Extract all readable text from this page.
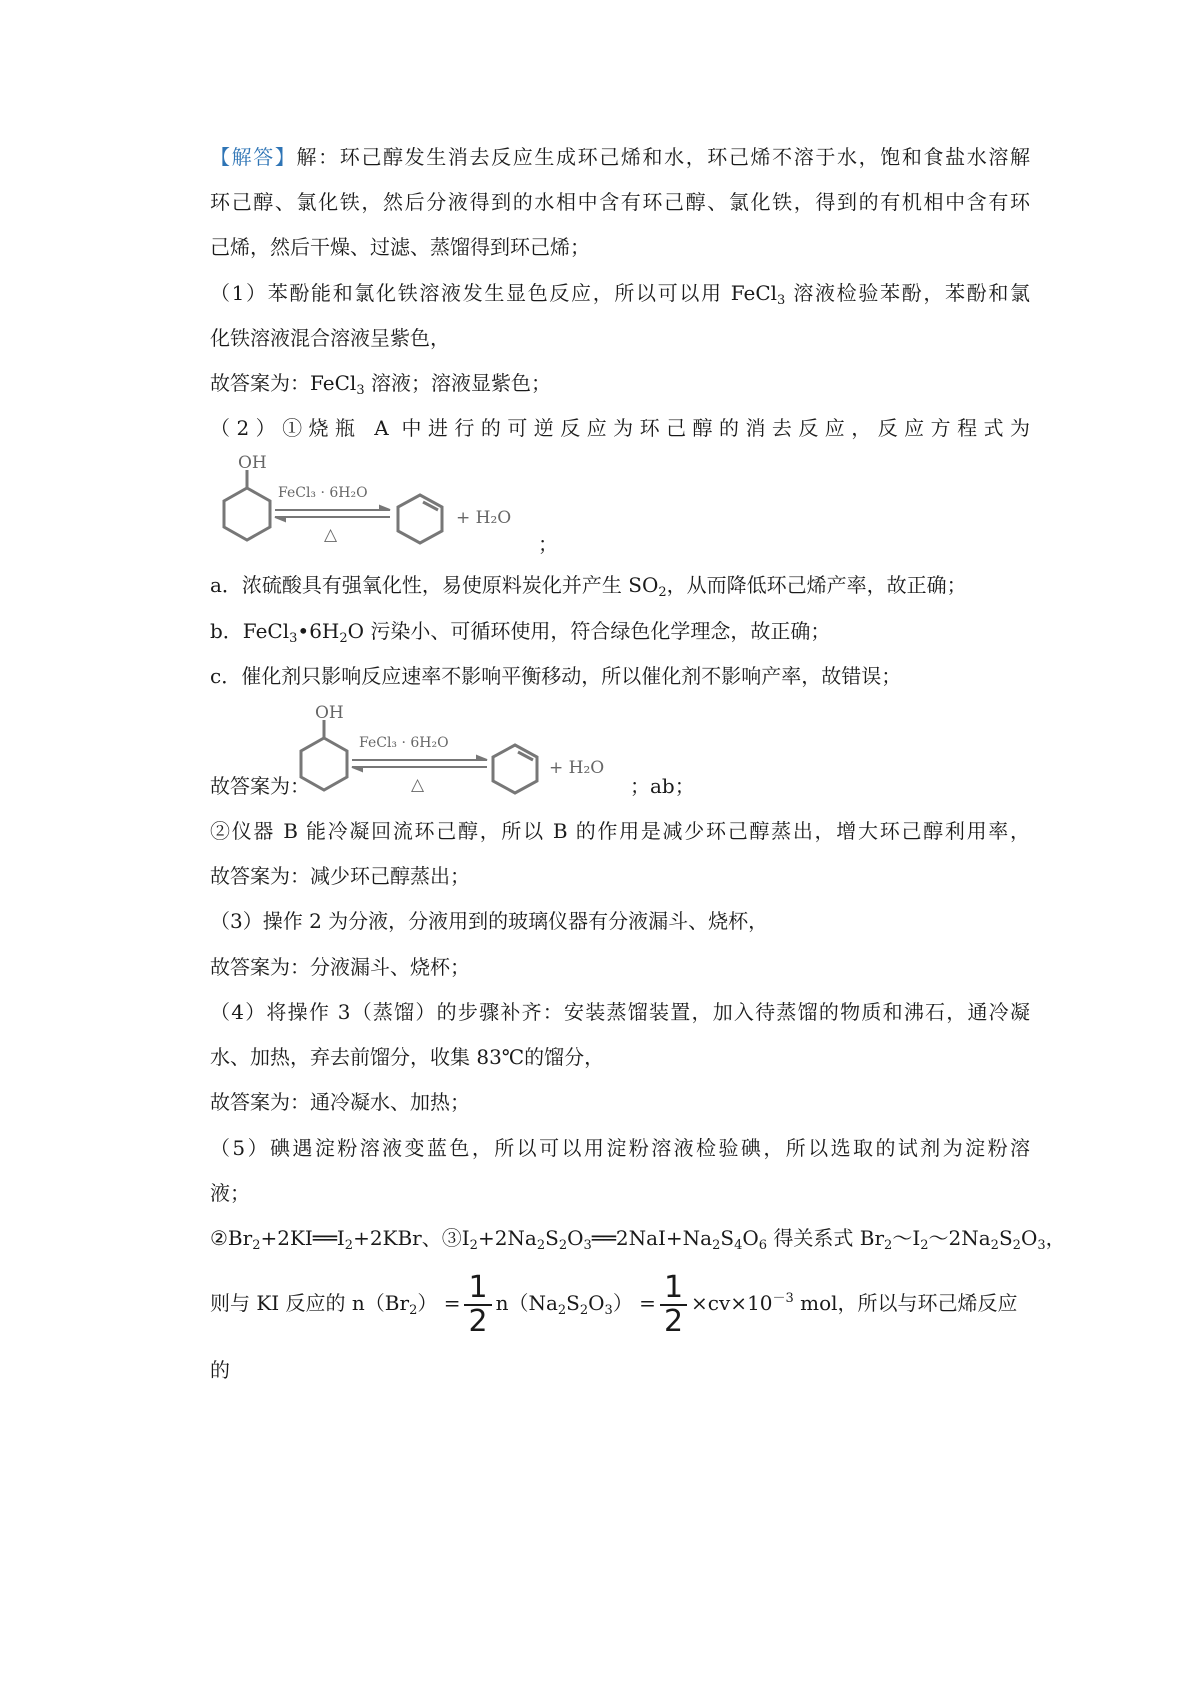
【解答】解：环己醇发生消去反应生成环己烯和水，环己烯不溶于水，饱和食盐水溶解
环己醇、氯化铁，然后分液得到的水相中含有环己醇、氯化铁，得到的有机相中含有环
己烯，然后干燥、过滤、蒸馏得到环己烯；
（1）苯酚能和氯化铁溶液发生显色反应，所以可以用 FeCl$_3$ 溶液检验苯酚，苯酚和氯
化铁溶液混合溶液呈紫色，
故答案为：FeCl$_3$ 溶液；溶液显紫色；
（2）①烧瓶 A 中进行的可逆反应为环己醇的消去反应，反应方程式为
OH
FeCl₃ · 6H₂O
△
+ H₂O
；
a．浓硫酸具有强氧化性，易使原料炭化并产生 $SO_2$，从而降低环己烯产率，故正确；
b．$FeCl_3•6H_2O$ 污染小、可循环使用，符合绿色化学理念，故正确；
c．催化剂只影响反应速率不影响平衡移动，所以催化剂不影响产率，故错误；
OH
FeCl₃ · 6H₂O
△
+ H₂O
故答案为：	；ab；
②仪器 B 能冷凝回流环己醇，所以 B 的作用是减少环己醇蒸出，增大环己醇利用率，
故答案为：减少环己醇蒸出；
（3）操作 2 为分液，分液用到的玻璃仪器有分液漏斗、烧杯，
故答案为：分液漏斗、烧杯；
（4）将操作 3（蒸馏）的步骤补齐：安装蒸馏装置，加入待蒸馏的物质和沸石，通冷凝
水、加热，弃去前馏分，收集 83℃的馏分，
故答案为：通冷凝水、加热；
（5）碘遇淀粉溶液变蓝色，所以可以用淀粉溶液检验碘，所以选取的试剂为淀粉溶
液；
$②Br_2+2KI══I_2+2KBr$、$③I_2+2Na_2S_2O_3══2NaI+Na_2S_4O_6$ 得关系式 $Br_2\sim I_2\sim 2Na_2S_2O_3$，
则与 KI 反应的 $n(Br_2) = \frac{1}{2} n(Na_2S_2O_3) = \frac{1}{2} \times cv\times 10^{-3}$ mol，所以与环己烯反应
的
